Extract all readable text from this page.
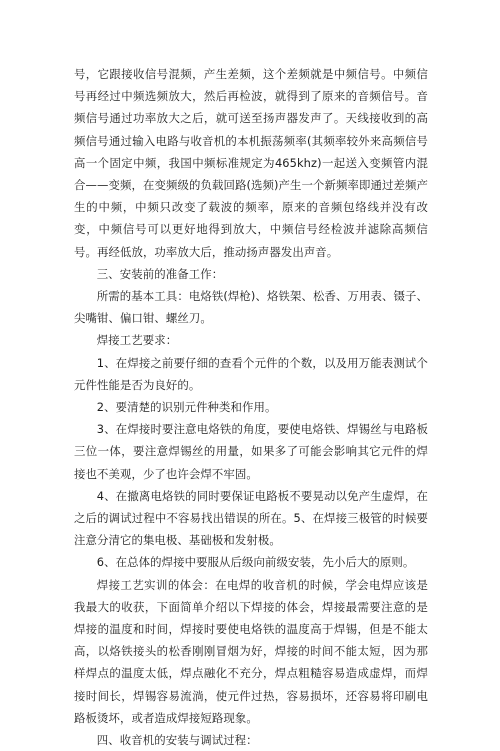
号，它跟接收信号混频，产生差频，这个差频就是中频信号。中频信号再经过中频选频放大，然后再检波，就得到了原来的音频信号。音频信号通过功率放大之后，就可送至扬声器发声了。天线接收到的高频信号通过输入电路与收音机的本机振荡频率(其频率较外来高频信号高一个固定中频，我国中频标准规定为465khz)一起送入变频管内混合——变频，在变频级的负载回路(选频)产生一个新频率即通过差频产生的中频，中频只改变了载波的频率，原来的音频包络线并没有改变，中频信号可以更好地得到放大，中频信号经检波并滤除高频信号。再经低放，功率放大后，推动扬声器发出声音。

三、安装前的准备工作：

所需的基本工具：电烙铁(焊枪)、烙铁架、松香、万用表、镊子、尖嘴钳、偏口钳、螺丝刀。

焊接工艺要求：

1、在焊接之前要仔细的查看个元件的个数，以及用万能表测试个元件性能是否为良好的。

2、要清楚的识别元件种类和作用。

3、在焊接时要注意电烙铁的角度，要使电烙铁、焊锡丝与电路板三位一体，要注意焊锡丝的用量，如果多了可能会影响其它元件的焊接也不美观，少了也许会焊不牢固。

4、在撤离电烙铁的同时要保证电路板不要晃动以免产生虚焊，在之后的调试过程中不容易找出错误的所在。5、在焊接三极管的时候要注意分清它的集电极、基础极和发射极。

6、在总体的焊接中要服从后级向前级安装，先小后大的原则。

焊接工艺实训的体会：在电焊的收音机的时候，学会电焊应该是我最大的收获，下面简单介绍以下焊接的体会，焊接最需要注意的是焊接的温度和时间，焊接时要使电烙铁的温度高于焊锡，但是不能太高，以烙铁接头的松香刚刚冒烟为好，焊接的时间不能太短，因为那样焊点的温度太低，焊点融化不充分，焊点粗糙容易造成虚焊，而焊接时间长，焊锡容易流淌，使元件过热，容易损坏，还容易将印刷电路板烫坏，或者造成焊接短路现象。

四、收音机的安装与调试过程：
